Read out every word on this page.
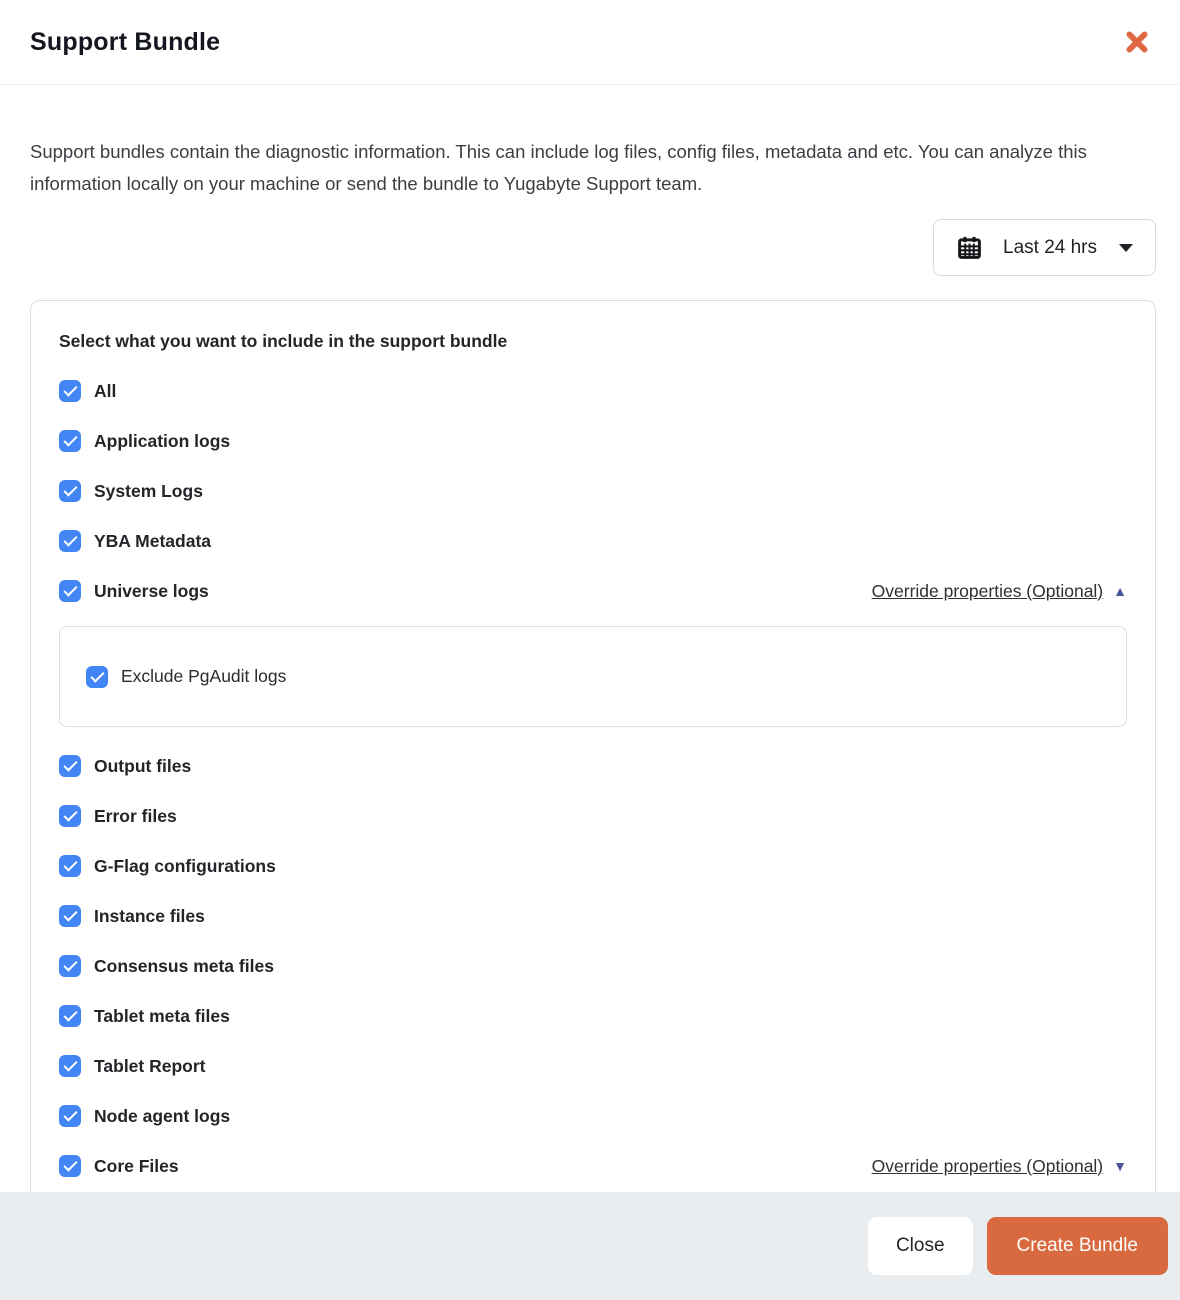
Support Bundle

Support bundles contain the diagnostic information. This can include log files, config files, metadata and etc. You can analyze this information locally on your machine or send the bundle to Yugabyte Support team.

Last 24 hrs
Select what you want to include in the support bundle
All
Application logs
System Logs
YBA Metadata
Universe logs	Override properties (Optional) ▲
Exclude PgAudit logs
Output files
Error files
G-Flag configurations
Instance files
Consensus meta files
Tablet meta files
Tablet Report
Node agent logs
Core Files	Override properties (Optional) ▼
Close	Create Bundle
